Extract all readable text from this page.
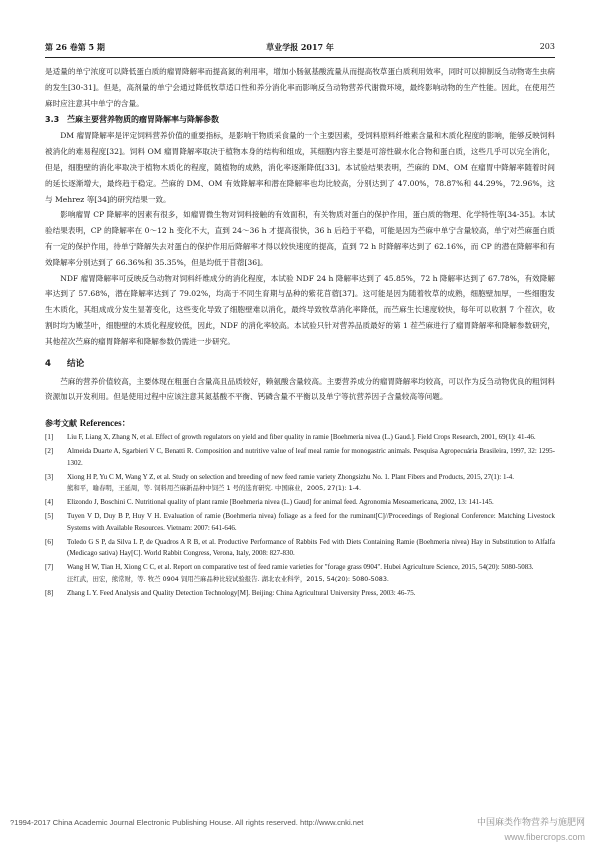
第 26 卷第 5 期	草业学报 2017 年	203

是适量的单宁浓度可以降低蛋白质的瘤胃降解率而提高氮的利用率，增加小肠氨基酸流量从而提高牧草蛋白质利用效率，同时可以抑制反刍动物寄生虫病的发生[30-31]。但是，高剂量的单宁会通过降低牧草适口性和养分消化率而影响反刍动物营养代谢微环境，最终影响动物的生产性能。因此，在使用苎麻时应注意其中单宁的含量。

3.3 苎麻主要营养物质的瘤胃降解率与降解参数

DM 瘤胃降解率是评定饲料营养价值的重要指标，是影响干物质采食量的一个主要因素，受饲料原料纤维素含量和木质化程度的影响，能够反映饲料被消化的难易程度[32]。饲料 OM 瘤胃降解率取决于植物本身的结构和组成，其细胞内容主要是可溶性碳水化合物和蛋白质，这些几乎可以完全消化，但是，细胞壁的消化率取决于植物木质化的程度，随植物的成熟，消化率逐渐降低[33]。本试验结果表明，苎麻的 DM、OM 在瘤胃中降解率随着时间的延长逐渐增大，最终趋于稳定。苎麻的 DM、OM 有效降解率和潜在降解率也均比较高，分别达到了 47.00%，78.87%和 44.29%，72.96%，这与 Mehrez 等[34]的研究结果一致。

影响瘤胃 CP 降解率的因素有很多，如瘤胃微生物对饲料接触的有效面积，有关物质对蛋白的保护作用，蛋白质的物理、化学特性等[34-35]。本试验结果表明，CP 的降解率在 0～12 h 变化不大，直到 24～36 h 才提高很快，36 h 后趋于平稳，可能是因为苎麻中单宁含量较高，单宁对苎麻蛋白质有一定的保护作用，待单宁降解失去对蛋白的保护作用后降解率才得以较快速度的提高，直到 72 h 时降解率达到了 62.16%，而 CP 的潜在降解率和有效降解率分别达到了 66.36%和 35.35%，但是均低于苜蓿[36]。

NDF 瘤胃降解率可反映反刍动物对饲料纤维成分的消化程度，本试验 NDF 24 h 降解率达到了 45.85%，72 h 降解率达到了 67.78%，有效降解率达到了 57.68%，潜在降解率达到了 79.02%，均高于不同生育期与品种的紫花苜蓿[37]。这可能是因为随着牧草的成熟，细胞壁加厚，一些细胞发生木质化，其组成成分发生显著变化，这些变化导致了细胞壁难以消化，最终导致牧草消化率降低，而苎麻生长速度较快，每年可以收割 7 个茬次，收割时均为嫩茎叶，细胞壁的木质化程度较低，因此，NDF 的消化率较高。本试验只针对营养品质最好的第 1 茬苎麻进行了瘤胃降解率和降解参数研究，其他茬次苎麻的瘤胃降解率和降解参数仍需进一步研究。

4 结论

苎麻的营养价值较高，主要体现在粗蛋白含量高且品质较好，赖氨酸含量较高。主要营养成分的瘤胃降解率均较高，可以作为反刍动物优良的粗饲料资源加以开发利用。但是使用过程中应该注意其氮基酸不平衡、钙磷含量不平衡以及单宁等抗营养因子含量较高等问题。

参考文献 References：
[1] Liu F, Liang X, Zhang N, et al. Effect of growth regulators on yield and fiber quality in ramie [Boehmeria nivea (L.) Gaud.]. Field Crops Research, 2001, 69(1): 41-46.
[2] Almeida Duarte A, Sgarbieri V C, Benatti R. Composition and nutritive value of leaf meal ramie for monogastric animals. Pesquisa Agropecuária Brasileira, 1997, 32: 1295-1302.
[3] Xiong H P, Yu C M, Wang Y Z, et al. Study on selection and breeding of new feed ramie variety Zhongsizhu No. 1. Plant Fibers and Products, 2015, 27(1): 1-4.
熊和平，喻春明，王延周，等. 饲料用苎麻新品种中饲苎 1 号的选育研究. 中国麻业，2005, 27(1): 1-4.
[4] Elizondo J, Boschini C. Nutritional quality of plant ramie [Boehmeria nivea (L.) Gaud] for animal feed. Agronomia Mesoamericana, 2002, 13: 141-145.
[5] Tuyen V D, Duy B P, Huy V H. Evaluation of ramie (Boehmeria nivea) foliage as a feed for the ruminant[C]//Proceedings of Regional Conference: Matching Livestock Systems with Available Resources. Vietnam: 2007: 641-646.
[6] Toledo G S P, da Silva L P, de Quadros A R B, et al. Productive Performance of Rabbits Fed with Diets Containing Ramie (Boehmeria nivea) Hay in Substitution to Alfalfa (Medicago sativa) Hay[C]. World Rabbit Congress, Verona, Italy, 2008: 827-830.
[7] Wang H W, Tian H, Xiong C C, et al. Report on comparative test of feed ramie varieties for "forage grass 0904". Hubei Agriculture Science, 2015, 54(20): 5080-5083.
汪红武，田宏，熊常财，等. 牧苎 0904 饲用苎麻品种比较试验报告. 湖北农业科学，2015, 54(20): 5080-5083.
[8] Zhang L Y. Feed Analysis and Quality Detection Technology[M]. Beijing: China Agricultural University Press, 2003: 46-75.
?1994-2017 China Academic Journal Electronic Publishing House. All rights reserved. http://www.cnki.net	中国麻类作物营养与施肥网
www.fibercrops.com
